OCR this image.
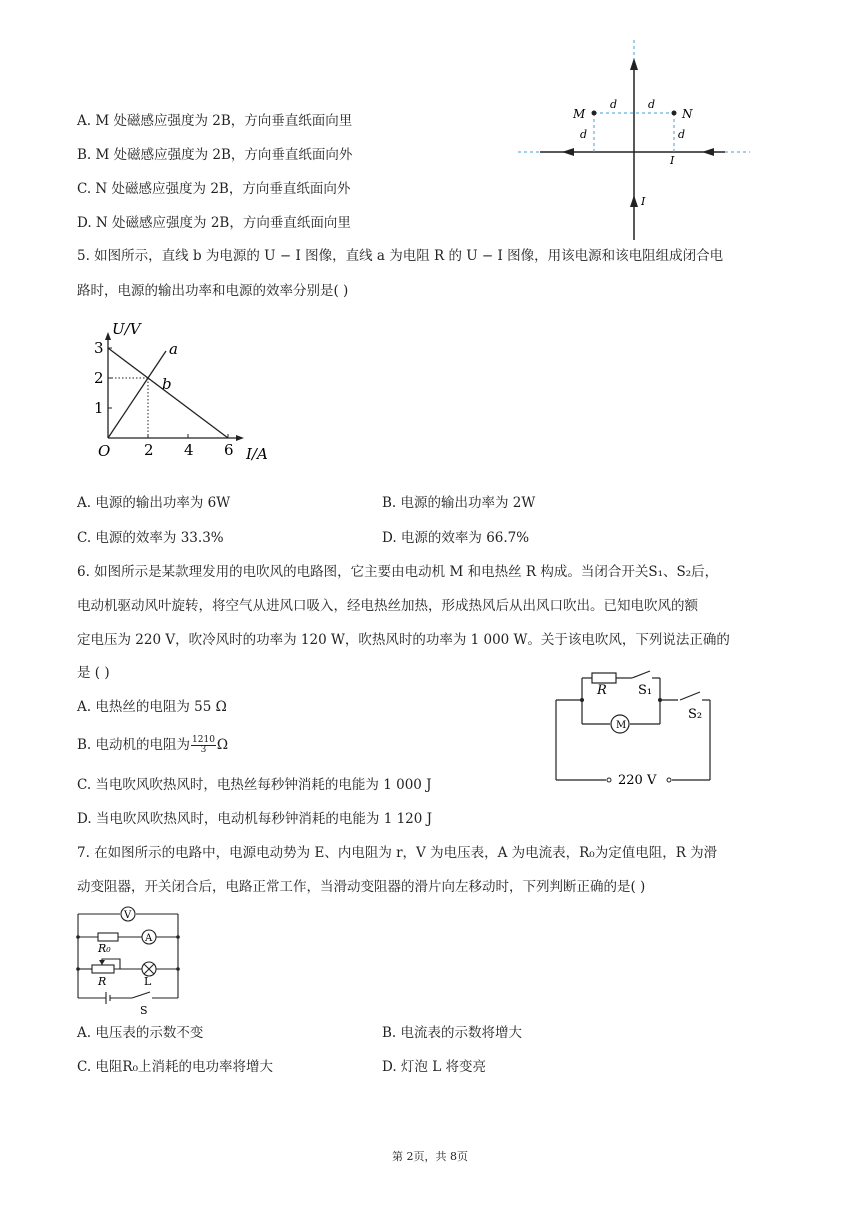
A. M 处磁感应强度为 2B，方向垂直纸面向里
B. M 处磁感应强度为 2B，方向垂直纸面向外
C. N 处磁感应强度为 2B，方向垂直纸面向外
D. N 处磁感应强度为 2B，方向垂直纸面向里
M	N
d	d
d	d
I
I
5. 如图所示，直线 b 为电源的 U − I 图像，直线 a 为电阻 R 的 U − I 图像，用该电源和该电阻组成闭合电
路时，电源的输出功率和电源的效率分别是( )
U/V
I/A
O 2 4 6
1
2
3	a
b
A. 电源的输出功率为 6W	B. 电源的输出功率为 2W
C. 电源的效率为 33.3%	D. 电源的效率为 66.7%
6. 如图所示是某款理发用的电吹风的电路图，它主要由电动机 M 和电热丝 R 构成。当闭合开关S₁、S₂后，
电动机驱动风叶旋转，将空气从进风口吸入，经电热丝加热，形成热风后从出风口吹出。已知电吹风的额
定电压为 220 V，吹冷风时的功率为 120 W，吹热风时的功率为 1 000 W。关于该电吹风，下列说法正确的
是 ( )
A. 电热丝的电阻为 55 Ω
B. 电动机的电阻为 $\frac{1210}{3}$ Ω
C. 当电吹风吹热风时，电热丝每秒钟消耗的电能为 1 000 J
D. 当电吹风吹热风时，电动机每秒钟消耗的电能为 1 120 J
R S₁
M
S₂
220 V
7. 在如图所示的电路中，电源电动势为 E、内电阻为 r，V 为电压表，A 为电流表，R₀为定值电阻，R 为滑
动变阻器，开关闭合后，电路正常工作，当滑动变阻器的滑片向左移动时，下列判断正确的是( )
V
A
R₀
R	L
S
A. 电压表的示数不变	B. 电流表的示数将增大
C. 电阻R₀上消耗的电功率将增大	D. 灯泡 L 将变亮
第 2页，共 8页
